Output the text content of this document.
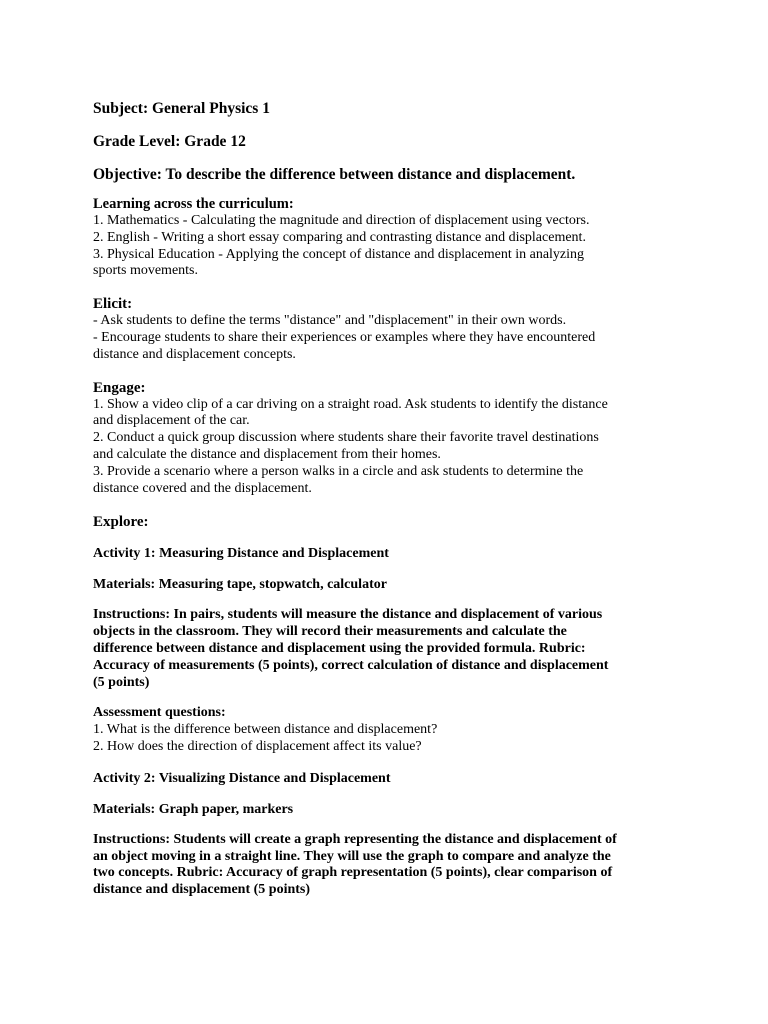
Subject: General Physics 1

Grade Level: Grade 12

Objective: To describe the difference between distance and displacement.

Learning across the curriculum:

1. Mathematics - Calculating the magnitude and direction of displacement using vectors.

2. English - Writing a short essay comparing and contrasting distance and displacement.

3. Physical Education - Applying the concept of distance and displacement in analyzing

sports movements.

Elicit:

- Ask students to define the terms "distance" and "displacement" in their own words.

- Encourage students to share their experiences or examples where they have encountered

distance and displacement concepts.

Engage:

1. Show a video clip of a car driving on a straight road. Ask students to identify the distance

and displacement of the car.

2. Conduct a quick group discussion where students share their favorite travel destinations

and calculate the distance and displacement from their homes.

3. Provide a scenario where a person walks in a circle and ask students to determine the

distance covered and the displacement.

Explore:

Activity 1: Measuring Distance and Displacement

Materials: Measuring tape, stopwatch, calculator

Instructions: In pairs, students will measure the distance and displacement of various

objects in the classroom. They will record their measurements and calculate the

difference between distance and displacement using the provided formula. Rubric:

Accuracy of measurements (5 points), correct calculation of distance and displacement

(5 points)

Assessment questions:

1. What is the difference between distance and displacement?

2. How does the direction of displacement affect its value?

Activity 2: Visualizing Distance and Displacement

Materials: Graph paper, markers

Instructions: Students will create a graph representing the distance and displacement of

an object moving in a straight line. They will use the graph to compare and analyze the

two concepts. Rubric: Accuracy of graph representation (5 points), clear comparison of

distance and displacement (5 points)
